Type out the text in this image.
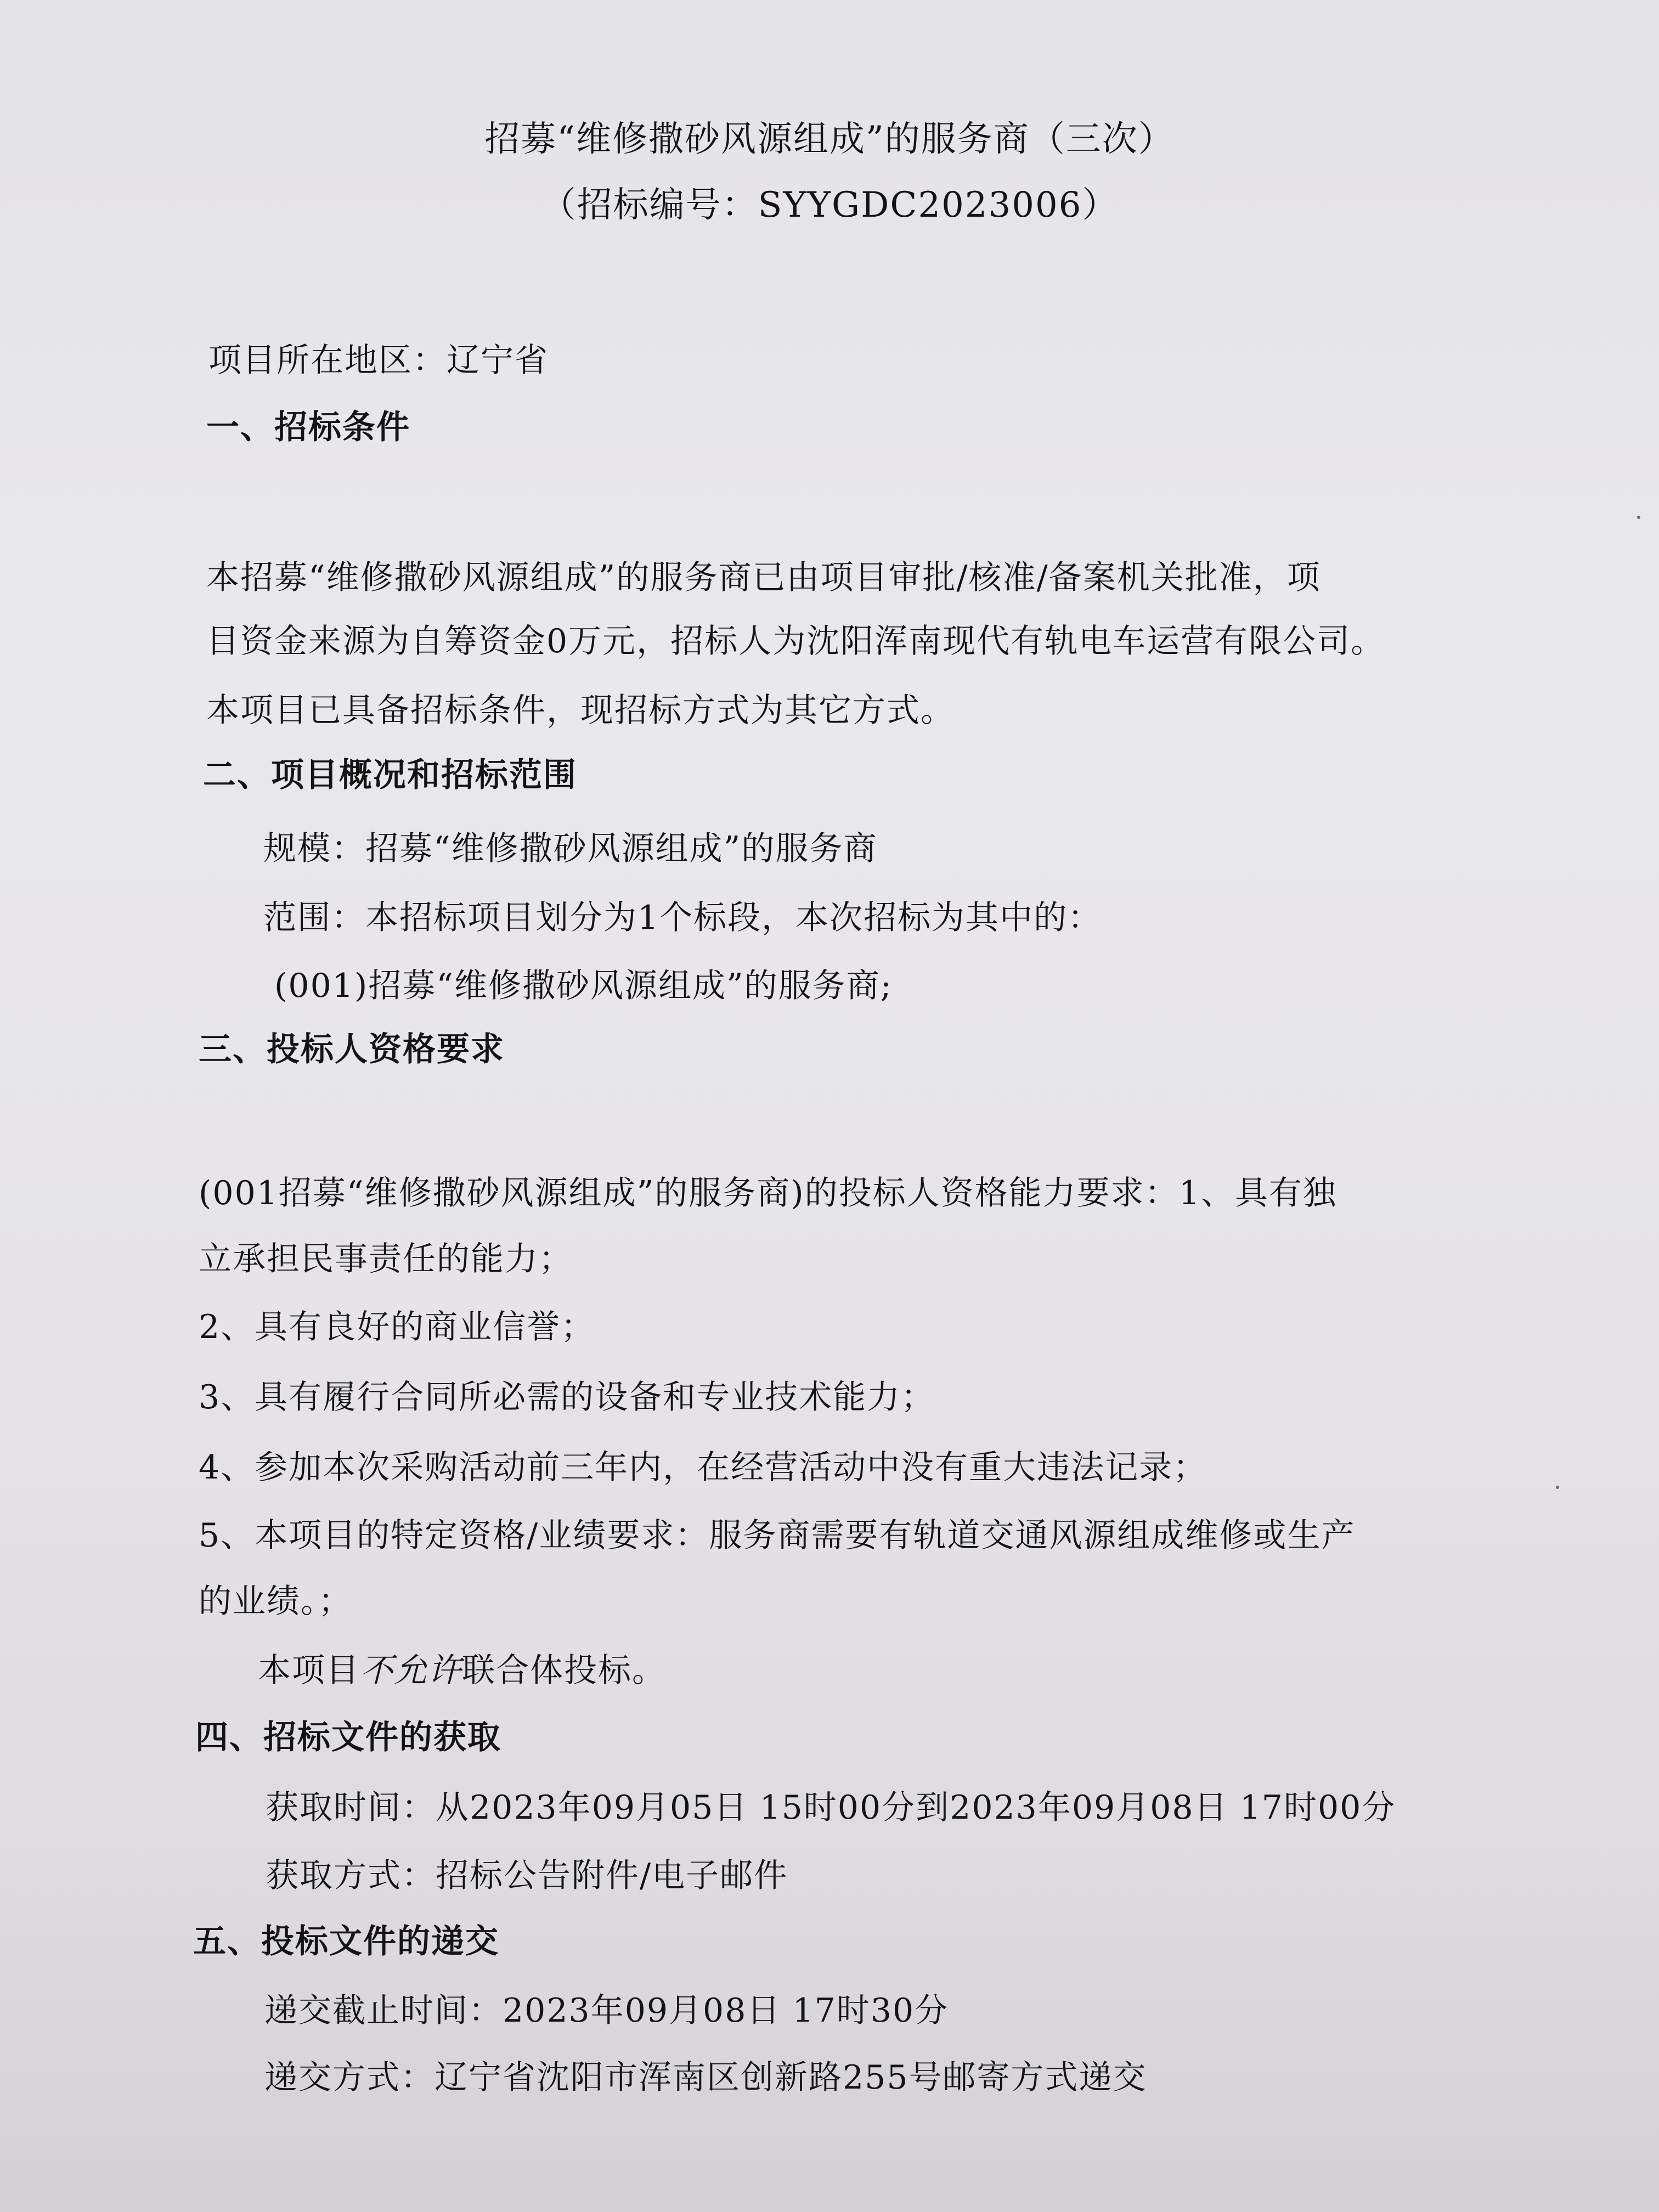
招募“维修撒砂风源组成”的服务商（三次）
（招标编号：SYYGDC2023006）
项目所在地区：辽宁省
一、招标条件
本招募“维修撒砂风源组成”的服务商已由项目审批/核准/备案机关批准，项
目资金来源为自筹资金0万元，招标人为沈阳浑南现代有轨电车运营有限公司。
本项目已具备招标条件，现招标方式为其它方式。
二、项目概况和招标范围
规模：招募“维修撒砂风源组成”的服务商
范围：本招标项目划分为1个标段，本次招标为其中的：
(001)招募“维修撒砂风源组成”的服务商;
三、投标人资格要求
(001招募“维修撒砂风源组成”的服务商)的投标人资格能力要求：1、具有独
立承担民事责任的能力；
2、具有良好的商业信誉；
3、具有履行合同所必需的设备和专业技术能力；
4、参加本次采购活动前三年内，在经营活动中没有重大违法记录；
5、本项目的特定资格/业绩要求：服务商需要有轨道交通风源组成维修或生产
的业绩。；
本项目不允许联合体投标。
四、招标文件的获取
获取时间：从2023年09月05日 15时00分到2023年09月08日 17时00分
获取方式：招标公告附件/电子邮件
五、投标文件的递交
递交截止时间：2023年09月08日 17时30分
递交方式：辽宁省沈阳市浑南区创新路255号邮寄方式递交
